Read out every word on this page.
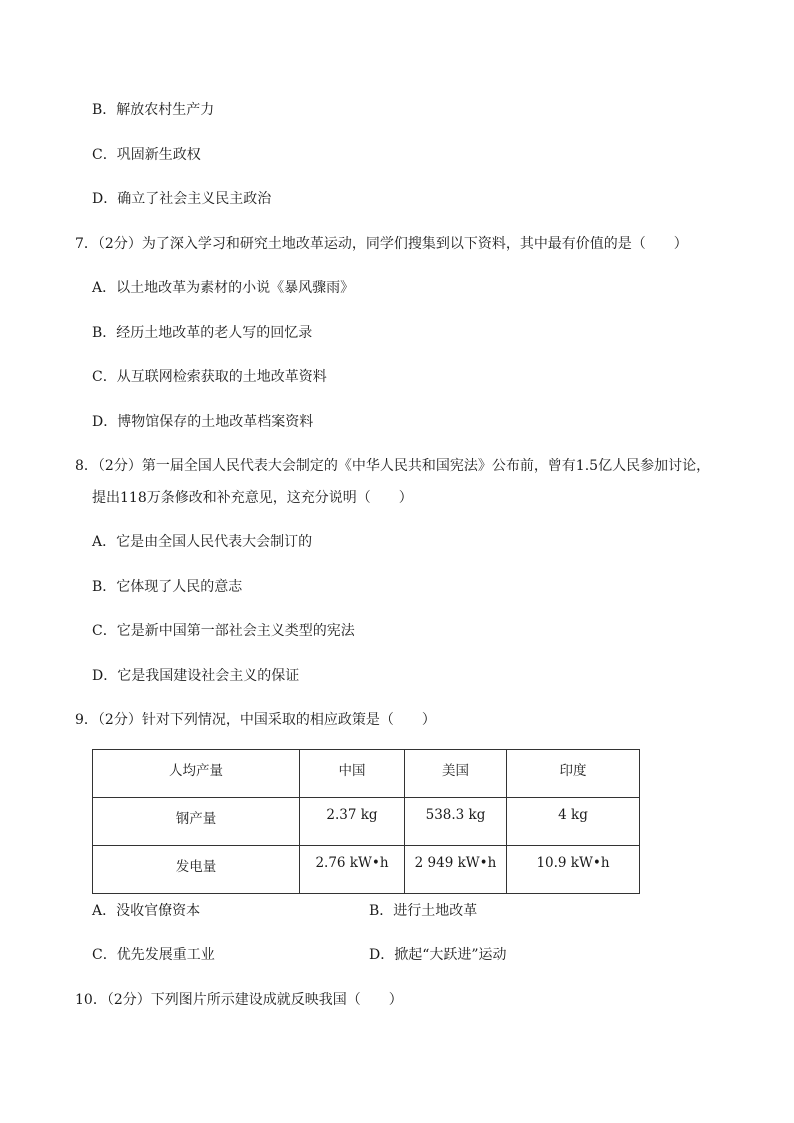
B．解放农村生产力
C．巩固新生政权
D．确立了社会主义民主政治
7．（2分）为了深入学习和研究土地改革运动，同学们搜集到以下资料，其中最有价值的是（　　）
A．以土地改革为素材的小说《暴风骤雨》
B．经历土地改革的老人写的回忆录
C．从互联网检索获取的土地改革资料
D．博物馆保存的土地改革档案资料
8．（2分）第一届全国人民代表大会制定的《中华人民共和国宪法》公布前，曾有1.5亿人民参加讨论，
提出118万条修改和补充意见，这充分说明（　　）
A．它是由全国人民代表大会制订的
B．它体现了人民的意志
C．它是新中国第一部社会主义类型的宪法
D．它是我国建设社会主义的保证
9．（2分）针对下列情况，中国采取的相应政策是（　　）
人均产量	中国	美国	印度

钢产量	2.37 kg	538.3 kg	4 kg

发电量	2.76 kW•h	2 949 kW•h	10.9 kW•h
A．没收官僚资本	B．进行土地改革
C．优先发展重工业	D．掀起“大跃进”运动
10．（2分）下列图片所示建设成就反映我国（　　）
